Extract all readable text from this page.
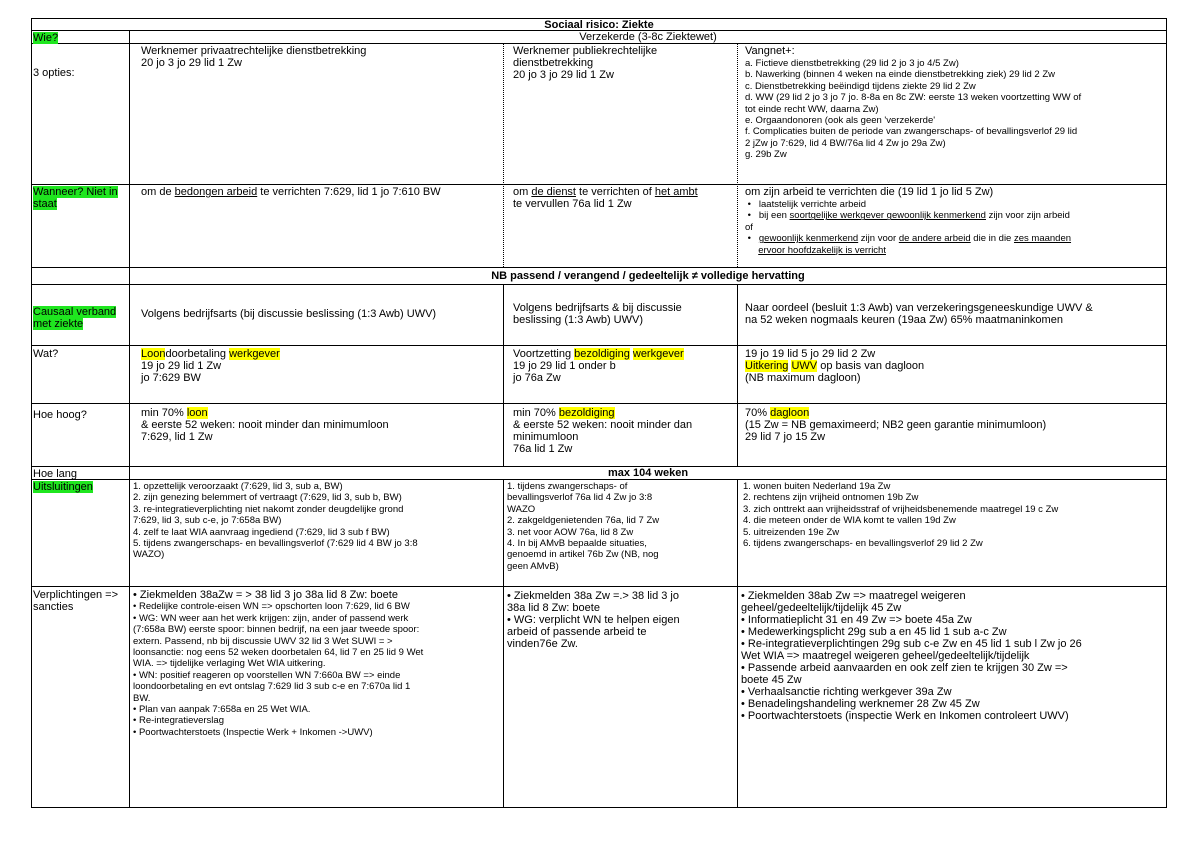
Sociaal risico: Ziekte
Wie?
3 opties:
Wanneer? Niet in staat
Causaal verband met ziekte
Wat?
Hoe hoog?
Hoe lang
Uitsluitingen
Verplichtingen => sancties
Verzekerde (3-8c Ziektewet)
Werknemer privaatrechtelijke dienstbetrekking
20 jo 3 jo 29 lid 1 Zw
Werknemer publiekrechtelijke
dienstbetrekking
20 jo 3 jo 29 lid 1 Zw
Vangnet+:
a. Fictieve dienstbetrekking (29 lid 2 jo 3 jo 4/5 Zw)
b. Nawerking (binnen 4 weken na einde dienstbetrekking ziek) 29 lid 2 Zw
c. Dienstbetrekking beëindigd tijdens ziekte 29 lid 2 Zw
d. WW (29 lid 2 jo 3 jo 7 jo. 8-8a en 8c ZW: eerste 13 weken voortzetting WW of
tot einde recht WW, daarna Zw)
e. Orgaandonoren (ook als geen 'verzekerde'
f. Complicaties buiten de periode van zwangerschaps- of bevallingsverlof 29 lid
2 jZw jo 7:629, lid 4 BW/76a lid 4 Zw jo 29a Zw)
g. 29b Zw
om de bedongen arbeid te verrichten 7:629, lid 1 jo 7:610 BW	om de dienst te verrichten of het ambt
te vervullen 76a lid 1 Zw
om zijn arbeid te verrichten die (19 lid 1 jo lid 5 Zw)
•   laatstelijk verrichte arbeid
•   bij een soortgelijke werkgever gewoonlijk kenmerkend zijn voor zijn arbeid
of
•   gewoonlijk kenmerkend zijn voor de andere arbeid die in die zes maanden
ervoor hoofdzakelijk is verricht
NB passend / verangend / gedeeltelijk ≠ volledige hervatting
Volgens bedrijfsarts (bij discussie beslissing (1:3 Awb) UWV)	Volgens bedrijfsarts & bij discussie
beslissing (1:3 Awb) UWV)
Naar oordeel (besluit 1:3 Awb) van verzekeringsgeneeskundige UWV &
na 52 weken nogmaals keuren (19aa Zw) 65% maatmaninkomen
Loondoorbetaling werkgever
19 jo 29 lid 1 Zw
jo 7:629 BW
Voortzetting bezoldiging werkgever
19 jo 29 lid 1 onder b
jo 76a Zw
19 jo 19 lid 5 jo 29 lid 2 Zw
Uitkering UWV op basis van dagloon
(NB maximum dagloon)
min 70% loon
& eerste 52 weken: nooit minder dan minimumloon
7:629, lid 1 Zw
min 70% bezoldiging
& eerste 52 weken: nooit minder dan
minimumloon
76a lid 1 Zw
70% dagloon
(15 Zw = NB gemaximeerd; NB2 geen garantie minimumloon)
29 lid 7 jo 15 Zw
max 104 weken
1. opzettelijk veroorzaakt (7:629, lid 3, sub a, BW)
2. zijn genezing belemmert of vertraagt (7:629, lid 3, sub b, BW)
3. re-integratieverplichting niet nakomt zonder deugdelijke grond
7:629, lid 3, sub c-e, jo 7:658a BW)
4. zelf te laat WIA aanvraag ingediend (7:629, lid 3 sub f BW)
5. tijdens zwangerschaps- en bevallingsverlof (7:629 lid 4 BW jo 3:8
WAZO)
1. tijdens zwangerschaps- of
bevallingsverlof 76a lid 4 Zw jo 3:8
WAZO
2. zakgeldgenietenden 76a, lid 7 Zw
3. net voor AOW 76a, lid 8 Zw
4. In bij AMvB bepaalde situaties,
genoemd in artikel 76b Zw (NB, nog
geen AMvB)
1. wonen buiten Nederland 19a Zw
2. rechtens zijn vrijheid ontnomen 19b Zw
3. zich onttrekt aan vrijheidsstraf of vrijheidsbenemende maatregel 19 c Zw
4. die meteen onder de WIA komt te vallen 19d Zw
5. uitreizenden 19e Zw
6. tijdens zwangerschaps- en bevallingsverlof 29 lid 2 Zw
• Ziekmelden 38aZw = > 38 lid 3 jo 38a lid 8 Zw: boete
• Redelijke controle-eisen WN => opschorten loon 7:629, lid 6 BW
• WG: WN weer aan het werk krijgen: zijn, ander of passend werk
(7:658a BW) eerste spoor: binnen bedrijf, na een jaar tweede spoor:
extern. Passend, nb bij discussie UWV 32 lid 3 Wet SUWI = >
loonsanctie: nog eens 52 weken doorbetalen 64, lid 7 en 25 lid 9 Wet
WIA. => tijdelijke verlaging Wet WIA uitkering.
• WN: positief reageren op voorstellen WN 7:660a BW => einde
loondoorbetaling en evt ontslag 7:629 lid 3 sub c-e en 7:670a lid 1
BW.
• Plan van aanpak 7:658a en 25 Wet WIA.
• Re-integratieverslag
• Poortwachterstoets (Inspectie Werk + Inkomen ->UWV)
• Ziekmelden 38a Zw =.> 38 lid 3 jo
38a lid 8 Zw: boete
• WG: verplicht WN te helpen eigen
arbeid of passende arbeid te
vinden76e Zw.
• Ziekmelden 38ab Zw => maatregel weigeren
geheel/gedeeltelijk/tijdelijk 45 Zw
• Informatieplicht 31 en 49 Zw => boete 45a Zw
• Medewerkingsplicht 29g sub a en 45 lid 1 sub a-c Zw
• Re-integratieverplichtingen 29g sub c-e Zw en 45 lid 1 sub l Zw jo 26
Wet WIA => maatregel weigeren geheel/gedeeltelijk/tijdelijk
• Passende arbeid aanvaarden en ook zelf zien te krijgen 30 Zw =>
boete 45 Zw
• Verhaalsanctie richting werkgever 39a Zw
• Benadelingshandeling werknemer 28 Zw 45 Zw
• Poortwachterstoets (inspectie Werk en Inkomen controleert UWV)
